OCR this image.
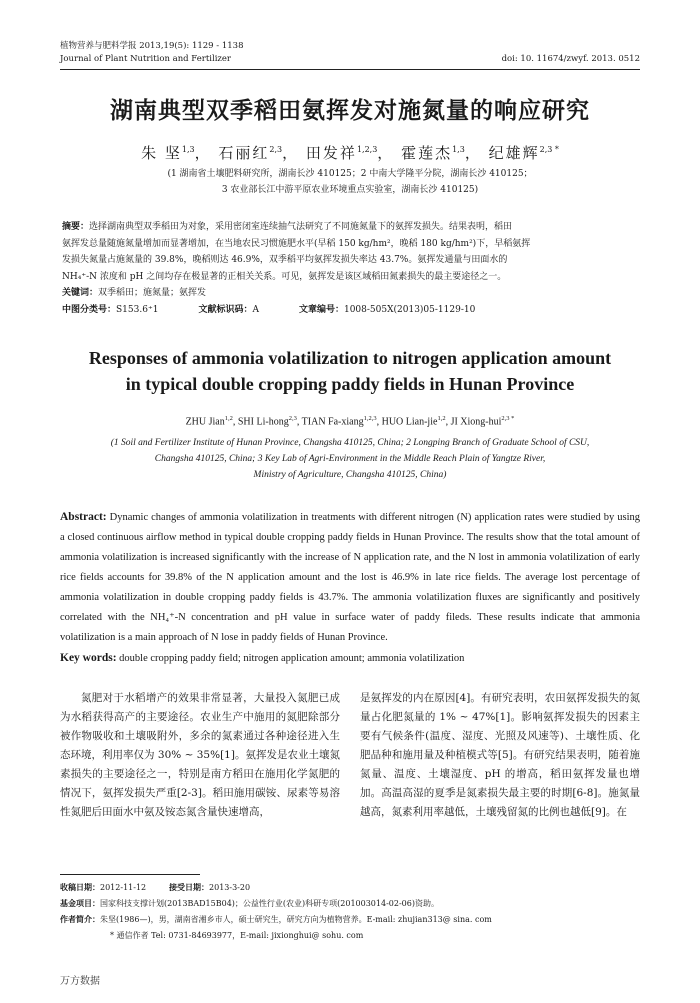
植物营养与肥料学报 2013,19(5): 1129 - 1138
Journal of Plant Nutrition and Fertilizer	doi: 10. 11674/zwyf. 2013. 0512
湖南典型双季稻田氨挥发对施氮量的响应研究
朱 坚$^{1,3}$， 石丽红$^{2,3}$， 田发祥$^{1,2,3}$， 霍莲杰$^{1,3}$， 纪雄辉$^{2,3 *}$
(1 湖南省土壤肥料研究所，湖南长沙 410125；2 中南大学隆平分院，湖南长沙 410125；
3 农业部长江中游平原农业环境重点实验室，湖南长沙 410125)
摘要：选择湖南典型双季稻田为对象，采用密闭室连续抽气法研究了不同施氮量下的氨挥发损失。结果表明，稻田
氨挥发总量随施氮量增加而显著增加，在当地农民习惯施肥水平(早稻 150 kg/hm²，晚稻 180 kg/hm²)下，早稻氨挥
发损失氮量占施氮量的 39.8%，晚稻则达 46.9%，双季稻平均氨挥发损失率达 43.7%。氨挥发通量与田面水的
NH₄⁺-N 浓度和 pH 之间均存在极显著的正相关关系。可见，氨挥发是该区域稻田氮素损失的最主要途径之一。
关键词：双季稻田；施氮量；氨挥发
中图分类号：S153.6⁺1	文献标识码：A	文章编号：1008-505X(2013)05-1129-10
Responses of ammonia volatilization to nitrogen application amount
in typical double cropping paddy fields in Hunan Province
ZHU Jian$^{1,2}$, SHI Li-hong$^{2,3}$, TIAN Fa-xiang$^{1,2,3}$, HUO Lian-jie$^{1,2}$, JI Xiong-hui$^{2,3 *}$
(1 Soil and Fertilizer Institute of Hunan Province, Changsha 410125, China; 2 Longping Branch of Graduate School of CSU,
Changsha 410125, China; 3 Key Lab of Agri-Environment in the Middle Reach Plain of Yangtze River,
Ministry of Agriculture, Changsha 410125, China)
Abstract: Dynamic changes of ammonia volatilization in treatments with different nitrogen (N) application rates were studied by using a closed continuous airflow method in typical double cropping paddy fields in Hunan Province. The results show that the total amount of ammonia volatilization is increased significantly with the increase of N application rate, and the N lost in ammonia volatilization of early rice fields accounts for 39.8% of the N application amount and the lost is 46.9% in late rice fields. The average lost percentage of ammonia volatilization in double cropping paddy fields is 43.7%. The ammonia volatilization fluxes are significantly and positively correlated with the NH₄⁺-N concentration and pH value in surface water of paddy fileds. These results indicate that ammonia volatilization is a main approach of N lose in paddy fields of Hunan Province.
Key words: double cropping paddy field; nitrogen application amount; ammonia volatilization

氮肥对于水稻增产的效果非常显著，大量投入氮肥已成为水稻获得高产的主要途径。农业生产中施用的氮肥除部分被作物吸收和土壤吸附外，多余的氮素通过各种途径进入生态环境，利用率仅为 30% ~ 35%[1]。氨挥发是农业土壤氮素损失的主要途径之一，特别是南方稻田在施用化学氮肥的情况下，氨挥发损失严重[2-3]。稻田施用碳铵、尿素等易溶性氮肥后田面水中氨及铵态氮含量快速增高，

是氨挥发的内在原因[4]。有研究表明，农田氨挥发损失的氮量占化肥氮量的 1% ~ 47%[1]。影响氨挥发损失的因素主要有气候条件(温度、湿度、光照及风速等)、土壤性质、化肥品种和施用量及种植模式等[5]。有研究结果表明，随着施氮量、温度、土壤湿度、pH 的增高，稻田氨挥发量也增加。高温高湿的夏季是氮素损失最主要的时期[6-8]。施氮量越高，氮素利用率越低，土壤残留氮的比例也越低[9]。在

收稿日期：2012-11-12	接受日期：2013-3-20
基金项目：国家科技支撑计划(2013BAD15B04)；公益性行业(农业)科研专项(201003014-02-06)资助。
作者简介：朱坚(1986—)，男，湖南省湘乡市人，硕士研究生，研究方向为植物营养。E-mail: zhujian313@ sina. com
* 通信作者 Tel: 0731-84693977，E-mail: jixionghui@ sohu. com
万方数据
